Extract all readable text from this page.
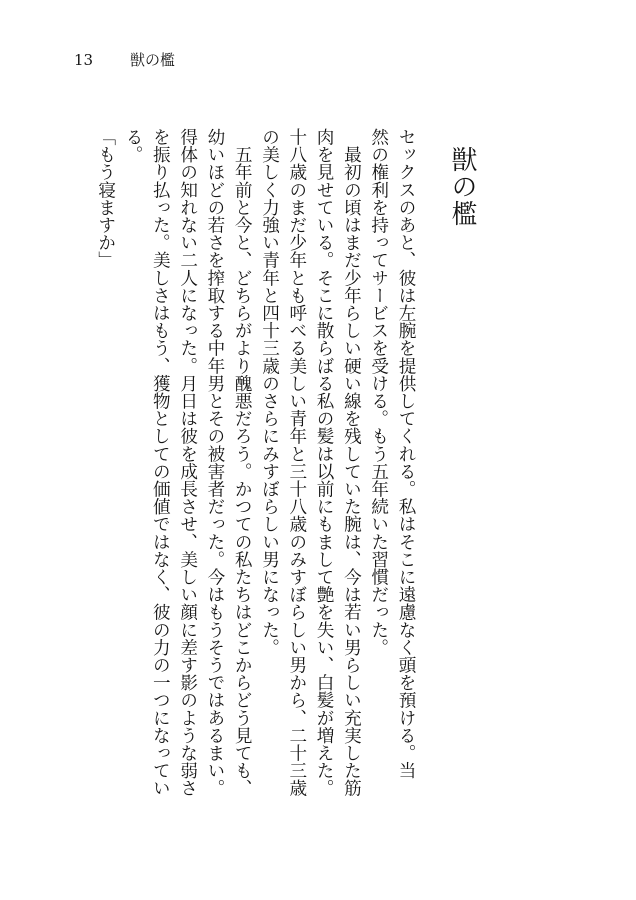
13 獣の檻
獣の檻
セックスのあと、彼は左腕を提供してくれる。私はそこに遠慮なく頭を預ける。当
然の権利を持ってサービスを受ける。もう五年続いた習慣だった。
　最初の頃はまだ少年らしい硬い線を残していた腕は、今は若い男らしい充実した筋
肉を見せている。そこに散らばる私の髪は以前にもまして艶を失い、白髪が増えた。
十八歳のまだ少年とも呼べる美しい青年と三十八歳のみすぼらしい男から、二十三歳
の美しく力強い青年と四十三歳のさらにみすぼらしい男になった。
　五年前と今と、どちらがより醜悪だろう。かつての私たちはどこからどう見ても、
幼いほどの若さを搾取する中年男とその被害者だった。今はもうそうではあるまい。
得体の知れない二人になった。月日は彼を成長させ、美しい顔に差す影のような弱さ
を振り払った。美しさはもう、獲物としての価値ではなく、彼の力の一つになってい
る。
「もう寝ますか」
